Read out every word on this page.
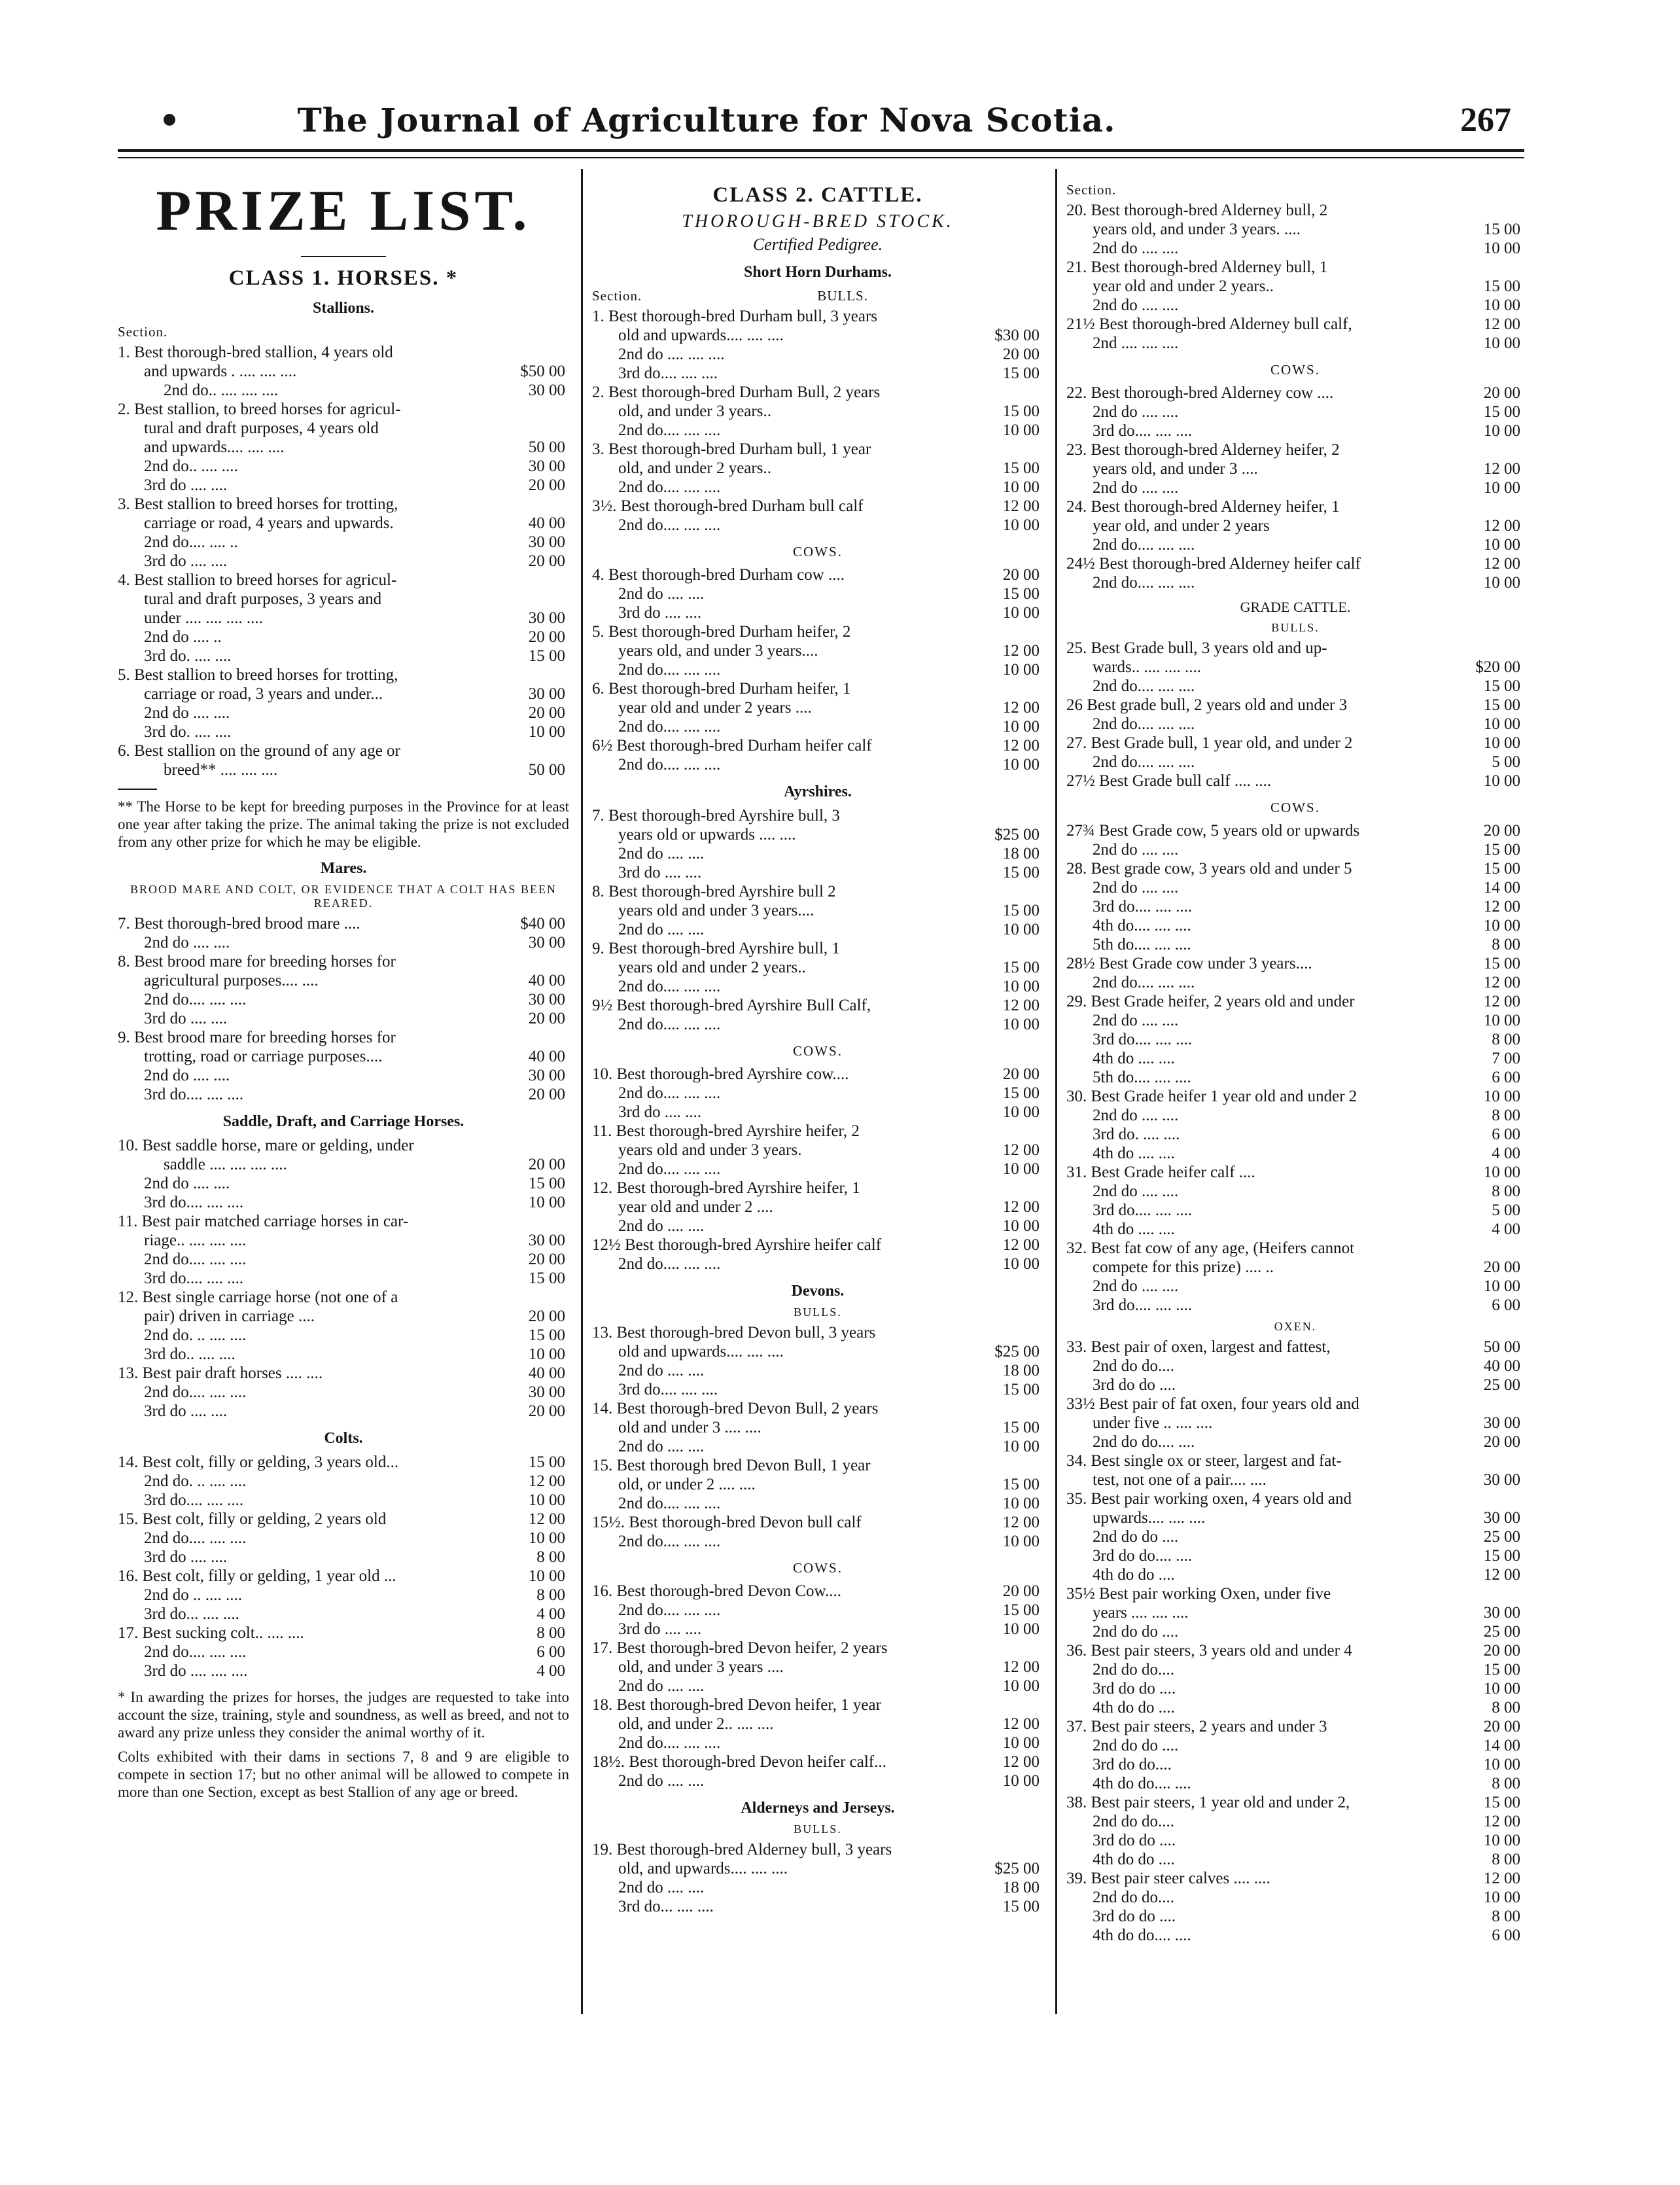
The Journal of Agriculture for Nova Scotia.	267
PRIZE LIST.
CLASS 1. HORSES. *
Stallions.
Section.
1. Best thorough-bred stallion, 4 years old
and upwards . .... .... ....	$50 00
2nd do.. .... .... ....	30 00
2. Best stallion, to breed horses for agricul-
tural and draft purposes, 4 years old
and upwards.... .... ....	50 00
2nd do.. .... ....	30 00
3rd do .... ....	20 00
3. Best stallion to breed horses for trotting,
carriage or road, 4 years and upwards.	40 00
2nd do.... .... ..	30 00
3rd do .... ....	20 00
4. Best stallion to breed horses for agricul-
tural and draft purposes, 3 years and
under .... .... .... ....	30 00
2nd do .... ..	20 00
3rd do. .... ....	15 00
5. Best stallion to breed horses for trotting,
carriage or road, 3 years and under...	30 00
2nd do .... ....	20 00
3rd do. .... ....	10 00
6. Best stallion on the ground of any age or
breed** .... .... ....	50 00
** The Horse to be kept for breeding purposes in the Province for at least one year after taking the prize. The animal taking the prize is not excluded from any other prize for which he may be eligible.
Mares.
BROOD MARE AND COLT, OR EVIDENCE THAT A COLT HAS BEEN REARED.
7. Best thorough-bred brood mare ....	$40 00
2nd do .... ....	30 00
8. Best brood mare for breeding horses for
agricultural purposes.... ....	40 00
2nd do.... .... ....	30 00
3rd do .... ....	20 00
9. Best brood mare for breeding horses for
trotting, road or carriage purposes....	40 00
2nd do .... ....	30 00
3rd do.... .... ....	20 00
Saddle, Draft, and Carriage Horses.
10. Best saddle horse, mare or gelding, under
saddle .... .... .... ....	20 00
2nd do .... ....	15 00
3rd do.... .... ....	10 00
11. Best pair matched carriage horses in car-
riage.. .... .... ....	30 00
2nd do.... .... ....	20 00
3rd do.... .... ....	15 00
12. Best single carriage horse (not one of a
pair) driven in carriage ....	20 00
2nd do. .. .... ....	15 00
3rd do.. .... ....	10 00
13. Best pair draft horses .... ....	40 00
2nd do.... .... ....	30 00
3rd do .... ....	20 00
Colts.
14. Best colt, filly or gelding, 3 years old...	15 00
2nd do. .. .... ....	12 00
3rd do.... .... ....	10 00
15. Best colt, filly or gelding, 2 years old	12 00
2nd do.... .... ....	10 00
3rd do .... ....	8 00
16. Best colt, filly or gelding, 1 year old ...	10 00
2nd do .. .... ....	8 00
3rd do... .... ....	4 00
17. Best sucking colt.. .... ....	8 00
2nd do.... .... ....	6 00
3rd do .... .... ....	4 00
* In awarding the prizes for horses, the judges are requested to take into account the size, training, style and soundness, as well as breed, and not to award any prize unless they consider the animal worthy of it.
Colts exhibited with their dams in sections 7, 8 and 9 are eligible to compete in section 17; but no other animal will be allowed to compete in more than one Section, except as best Stallion of any age or breed.
CLASS 2. CATTLE.
THOROUGH-BRED STOCK.
Certified Pedigree.
Short Horn Durhams.
Section.	BULLS.
1. Best thorough-bred Durham bull, 3 years
old and upwards.... .... ....	$30 00
2nd do .... .... ....	20 00
3rd do.... .... ....	15 00
2. Best thorough-bred Durham Bull, 2 years
old, and under 3 years..	15 00
2nd do.... .... ....	10 00
3. Best thorough-bred Durham bull, 1 year
old, and under 2 years..	15 00
2nd do.... .... ....	10 00
3½. Best thorough-bred Durham bull calf	12 00
2nd do.... .... ....	10 00
COWS.
4. Best thorough-bred Durham cow ....	20 00
2nd do .... ....	15 00
3rd do .... ....	10 00
5. Best thorough-bred Durham heifer, 2
years old, and under 3 years....	12 00
2nd do.... .... ....	10 00
6. Best thorough-bred Durham heifer, 1
year old and under 2 years ....	12 00
2nd do.... .... ....	10 00
6½ Best thorough-bred Durham heifer calf	12 00
2nd do.... .... ....	10 00
Ayrshires.
7. Best thorough-bred Ayrshire bull, 3
years old or upwards .... ....	$25 00
2nd do .... ....	18 00
3rd do .... ....	15 00
8. Best thorough-bred Ayrshire bull 2
years old and under 3 years....	15 00
2nd do .... ....	10 00
9. Best thorough-bred Ayrshire bull, 1
years old and under 2 years..	15 00
2nd do.... .... ....	10 00
9½ Best thorough-bred Ayrshire Bull Calf,	12 00
2nd do.... .... ....	10 00
COWS.
10. Best thorough-bred Ayrshire cow....	20 00
2nd do.... .... ....	15 00
3rd do .... ....	10 00
11. Best thorough-bred Ayrshire heifer, 2
years old and under 3 years.	12 00
2nd do.... .... ....	10 00
12. Best thorough-bred Ayrshire heifer, 1
year old and under 2 ....	12 00
2nd do .... ....	10 00
12½ Best thorough-bred Ayrshire heifer calf	12 00
2nd do.... .... ....	10 00
Devons.
BULLS.
13. Best thorough-bred Devon bull, 3 years
old and upwards.... .... ....	$25 00
2nd do .... ....	18 00
3rd do.... .... ....	15 00
14. Best thorough-bred Devon Bull, 2 years
old and under 3 .... ....	15 00
2nd do .... ....	10 00
15. Best thorough bred Devon Bull, 1 year
old, or under 2 .... ....	15 00
2nd do.... .... ....	10 00
15½. Best thorough-bred Devon bull calf	12 00
2nd do.... .... ....	10 00
COWS.
16. Best thorough-bred Devon Cow....	20 00
2nd do.... .... ....	15 00
3rd do .... ....	10 00
17. Best thorough-bred Devon heifer, 2 years
old, and under 3 years ....	12 00
2nd do .... ....	10 00
18. Best thorough-bred Devon heifer, 1 year
old, and under 2.. .... ....	12 00
2nd do.... .... ....	10 00
18½. Best thorough-bred Devon heifer calf...	12 00
2nd do .... ....	10 00
Alderneys and Jerseys.
BULLS.
19. Best thorough-bred Alderney bull, 3 years
old, and upwards.... .... ....	$25 00
2nd do .... ....	18 00
3rd do... .... ....	15 00
Section.
20. Best thorough-bred Alderney bull, 2
years old, and under 3 years. ....	15 00
2nd do .... ....	10 00
21. Best thorough-bred Alderney bull, 1
year old and under 2 years..	15 00
2nd do .... ....	10 00
21½ Best thorough-bred Alderney bull calf,	12 00
2nd .... .... ....	10 00
COWS.
22. Best thorough-bred Alderney cow ....	20 00
2nd do .... ....	15 00
3rd do.... .... ....	10 00
23. Best thorough-bred Alderney heifer, 2
years old, and under 3 ....	12 00
2nd do .... ....	10 00
24. Best thorough-bred Alderney heifer, 1
year old, and under 2 years	12 00
2nd do.... .... ....	10 00
24½ Best thorough-bred Alderney heifer calf	12 00
2nd do.... .... ....	10 00
GRADE CATTLE.
BULLS.
25. Best Grade bull, 3 years old and up-
wards.. .... .... ....	$20 00
2nd do.... .... ....	15 00
26 Best grade bull, 2 years old and under 3	15 00
2nd do.... .... ....	10 00
27. Best Grade bull, 1 year old, and under 2	10 00
2nd do.... .... ....	5 00
27½ Best Grade bull calf .... ....	10 00
COWS.
27¾ Best Grade cow, 5 years old or upwards	20 00
2nd do .... ....	15 00
28. Best grade cow, 3 years old and under 5	15 00
2nd do .... ....	14 00
3rd do.... .... ....	12 00
4th do.... .... ....	10 00
5th do.... .... ....	8 00
28½ Best Grade cow under 3 years....	15 00
2nd do.... .... ....	12 00
29. Best Grade heifer, 2 years old and under	12 00
2nd do .... ....	10 00
3rd do.... .... ....	8 00
4th do .... ....	7 00
5th do.... .... ....	6 00
30. Best Grade heifer 1 year old and under 2	10 00
2nd do .... ....	8 00
3rd do. .... ....	6 00
4th do .... ....	4 00
31. Best Grade heifer calf ....	10 00
2nd do .... ....	8 00
3rd do.... .... ....	5 00
4th do .... ....	4 00
32. Best fat cow of any age, (Heifers cannot
compete for this prize) .... ..	20 00
2nd do .... ....	10 00
3rd do.... .... ....	6 00
OXEN.
33. Best pair of oxen, largest and fattest,	50 00
2nd do do....	40 00
3rd do do ....	25 00
33½ Best pair of fat oxen, four years old and
under five .. .... ....	30 00
2nd do do.... ....	20 00
34. Best single ox or steer, largest and fat-
test, not one of a pair.... ....	30 00
35. Best pair working oxen, 4 years old and
upwards.... .... ....	30 00
2nd do do ....	25 00
3rd do do.... ....	15 00
4th do do ....	12 00
35½ Best pair working Oxen, under five
years .... .... ....	30 00
2nd do do ....	25 00
36. Best pair steers, 3 years old and under 4	20 00
2nd do do....	15 00
3rd do do ....	10 00
4th do do ....	8 00
37. Best pair steers, 2 years and under 3	20 00
2nd do do ....	14 00
3rd do do....	10 00
4th do do.... ....	8 00
38. Best pair steers, 1 year old and under 2,	15 00
2nd do do....	12 00
3rd do do ....	10 00
4th do do ....	8 00
39. Best pair steer calves .... ....	12 00
2nd do do....	10 00
3rd do do ....	8 00
4th do do.... ....	6 00
